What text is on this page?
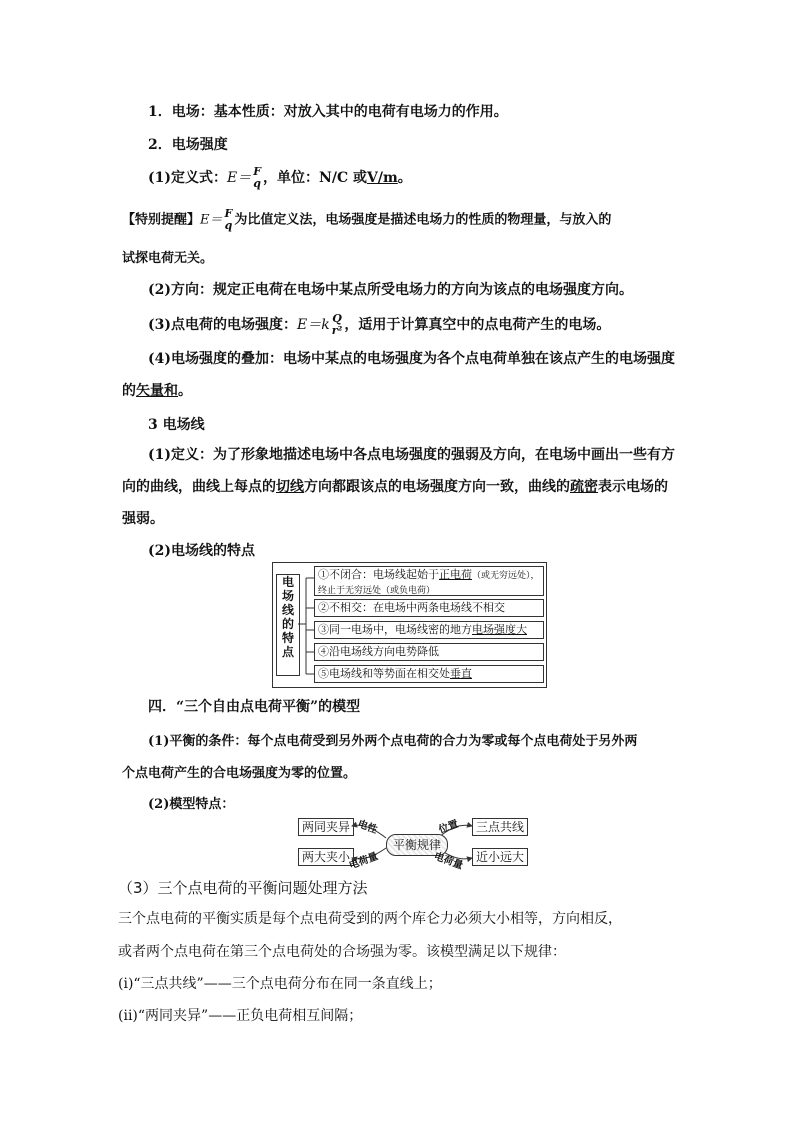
1．电场：基本性质：对放入其中的电荷有电场力的作用。
2．电场强度
(1)定义式：E＝ F
q ，单位：N/C 或V/m。
【特别提醒】E＝ F
q 为比值定义法，电场强度是描述电场力的性质的物理量，与放入的
试探电荷无关。
(2)方向：规定正电荷在电场中某点所受电场力的方向为该点的电场强度方向。
(3)点电荷的电场强度：E＝k Q
r² ，适用于计算真空中的点电荷产生的电场。
(4)电场强度的叠加：电场中某点的电场强度为各个点电荷单独在该点产生的电场强度
的矢量和。
3 电场线
(1)定义：为了形象地描述电场中各点电场强度的强弱及方向，在电场中画出一些有方
向的曲线，曲线上每点的切线方向都跟该点的电场强度方向一致，曲线的疏密表示电场的
强弱。
(2)电场线的特点
电
场
线
的
特
点
①不闭合：电场线起始于正电荷（或无穷远处），
终止于无穷远处（或负电荷）
②不相交：在电场中两条电场线不相交
③同一电场中，电场线密的地方电场强度大
④沿电场线方向电势降低
⑤电场线和等势面在相交处垂直
四．“三个自由点电荷平衡”的模型
(1)平衡的条件：每个点电荷受到另外两个点电荷的合力为零或每个点电荷处于另外两
个点电荷产生的合电场强度为零的位置。
(2)模型特点：
两同夹异
两大夹小
平衡规律
三点共线
近小远大
电性
电荷量
位置
电荷量
（3）三个点电荷的平衡问题处理方法
三个点电荷的平衡实质是每个点电荷受到的两个库仑力必须大小相等，方向相反，
或者两个点电荷在第三个点电荷处的合场强为零。该模型满足以下规律：
(i)“三点共线”——三个点电荷分布在同一条直线上；
(ii)“两同夹异”——正负电荷相互间隔；
